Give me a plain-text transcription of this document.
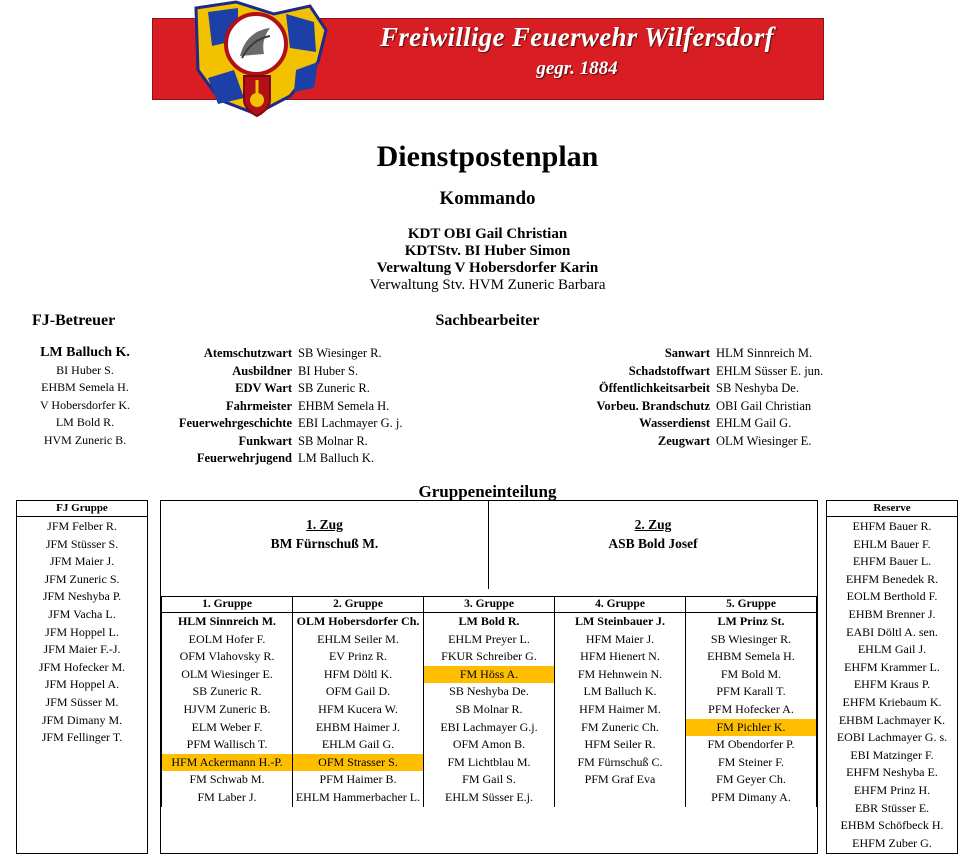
Freiwillige Feuerwehr Wilfersdorf
gegr. 1884
Dienstpostenplan
Kommando
KDT OBI Gail Christian
KDTStv. BI Huber Simon
Verwaltung V Hobersdorfer Karin
Verwaltung Stv. HVM Zuneric Barbara
FJ-Betreuer
LM Balluch K.
BI Huber S.
EHBM Semela H.
V Hobersdorfer K.
LM Bold R.
HVM Zuneric B.
Sachbearbeiter
Atemschutzwart SB Wiesinger R.
Ausbildner BI Huber S.
EDV Wart SB Zuneric R.
Fahrmeister EHBM Semela H.
Feuerwehrgeschichte EBI Lachmayer G. j.
Funkwart SB Molnar R.
Feuerwehrjugend LM Balluch K.
Sanwart HLM Sinnreich M.
Schadstoffwart EHLM Süsser E. jun.
Öffentlichkeitsarbeit SB Neshyba De.
Vorbeu. Brandschutz OBI Gail Christian
Wasserdienst EHLM Gail G.
Zeugwart OLM Wiesinger E.
Gruppeneinteilung
FJ Gruppe
JFM Felber R.
JFM Stüsser S.
JFM Maier J.
JFM Zuneric S.
JFM Neshyba P.
JFM Vacha L.
JFM Hoppel L.
JFM Maier F.-J.
JFM Hofecker M.
JFM Hoppel A.
JFM Süsser M.
JFM Dimany M.
JFM Fellinger T.
Reserve
EHFM Bauer R.
EHLM Bauer F.
EHFM Bauer L.
EHFM Benedek R.
EOLM Berthold F.
EHBM Brenner J.
EABI Döltl A. sen.
EHLM Gail J.
EHFM Krammer L.
EHFM Kraus P.
EHFM Kriebaum K.
EHBM Lachmayer K.
EOBI Lachmayer G. s.
EBI Matzinger F.
EHFM Neshyba E.
EHFM Prinz H.
EBR Stüsser E.
EHBM Schöfbeck H.
EHFM Zuber G.
1. Zug
BM Fürnschuß M.
2. Zug
ASB Bold Josef
1. Gruppe	2. Gruppe	3. Gruppe	4. Gruppe	5. Gruppe
HLM Sinnreich M.	OLM Hobersdorfer Ch.	LM Bold R.	LM Steinbauer J.	LM Prinz St.
EOLM Hofer F.	EHLM Seiler M.	EHLM Preyer L.	HFM Maier J.	SB Wiesinger R.
OFM Vlahovsky R.	EV Prinz R.	FKUR Schreiber G.	HFM Hienert N.	EHBM Semela H.
OLM Wiesinger E.	HFM Döltl K.	FM Höss A.	FM Hehnwein N.	FM Bold M.
SB Zuneric R.	OFM Gail D.	SB Neshyba De.	LM Balluch K.	PFM Karall T.
HJVM Zuneric B.	HFM Kucera W.	SB Molnar R.	HFM Haimer M.	PFM Hofecker A.
ELM Weber F.	EHBM Haimer J.	EBI Lachmayer G.j.	FM Zuneric Ch.	FM Pichler K.
PFM Wallisch T.	EHLM Gail G.	OFM Amon B.	HFM Seiler R.	FM Obendorfer P.
HFM Ackermann H.-P.	OFM Strasser S.	FM Lichtblau M.	FM Fürnschuß C.	FM Steiner F.
FM Schwab M.	PFM Haimer B.	FM Gail S.	PFM Graf Eva	FM Geyer Ch.
FM Laber J.	EHLM Hammerbacher L.	EHLM Süsser E.j.		PFM Dimany A.
